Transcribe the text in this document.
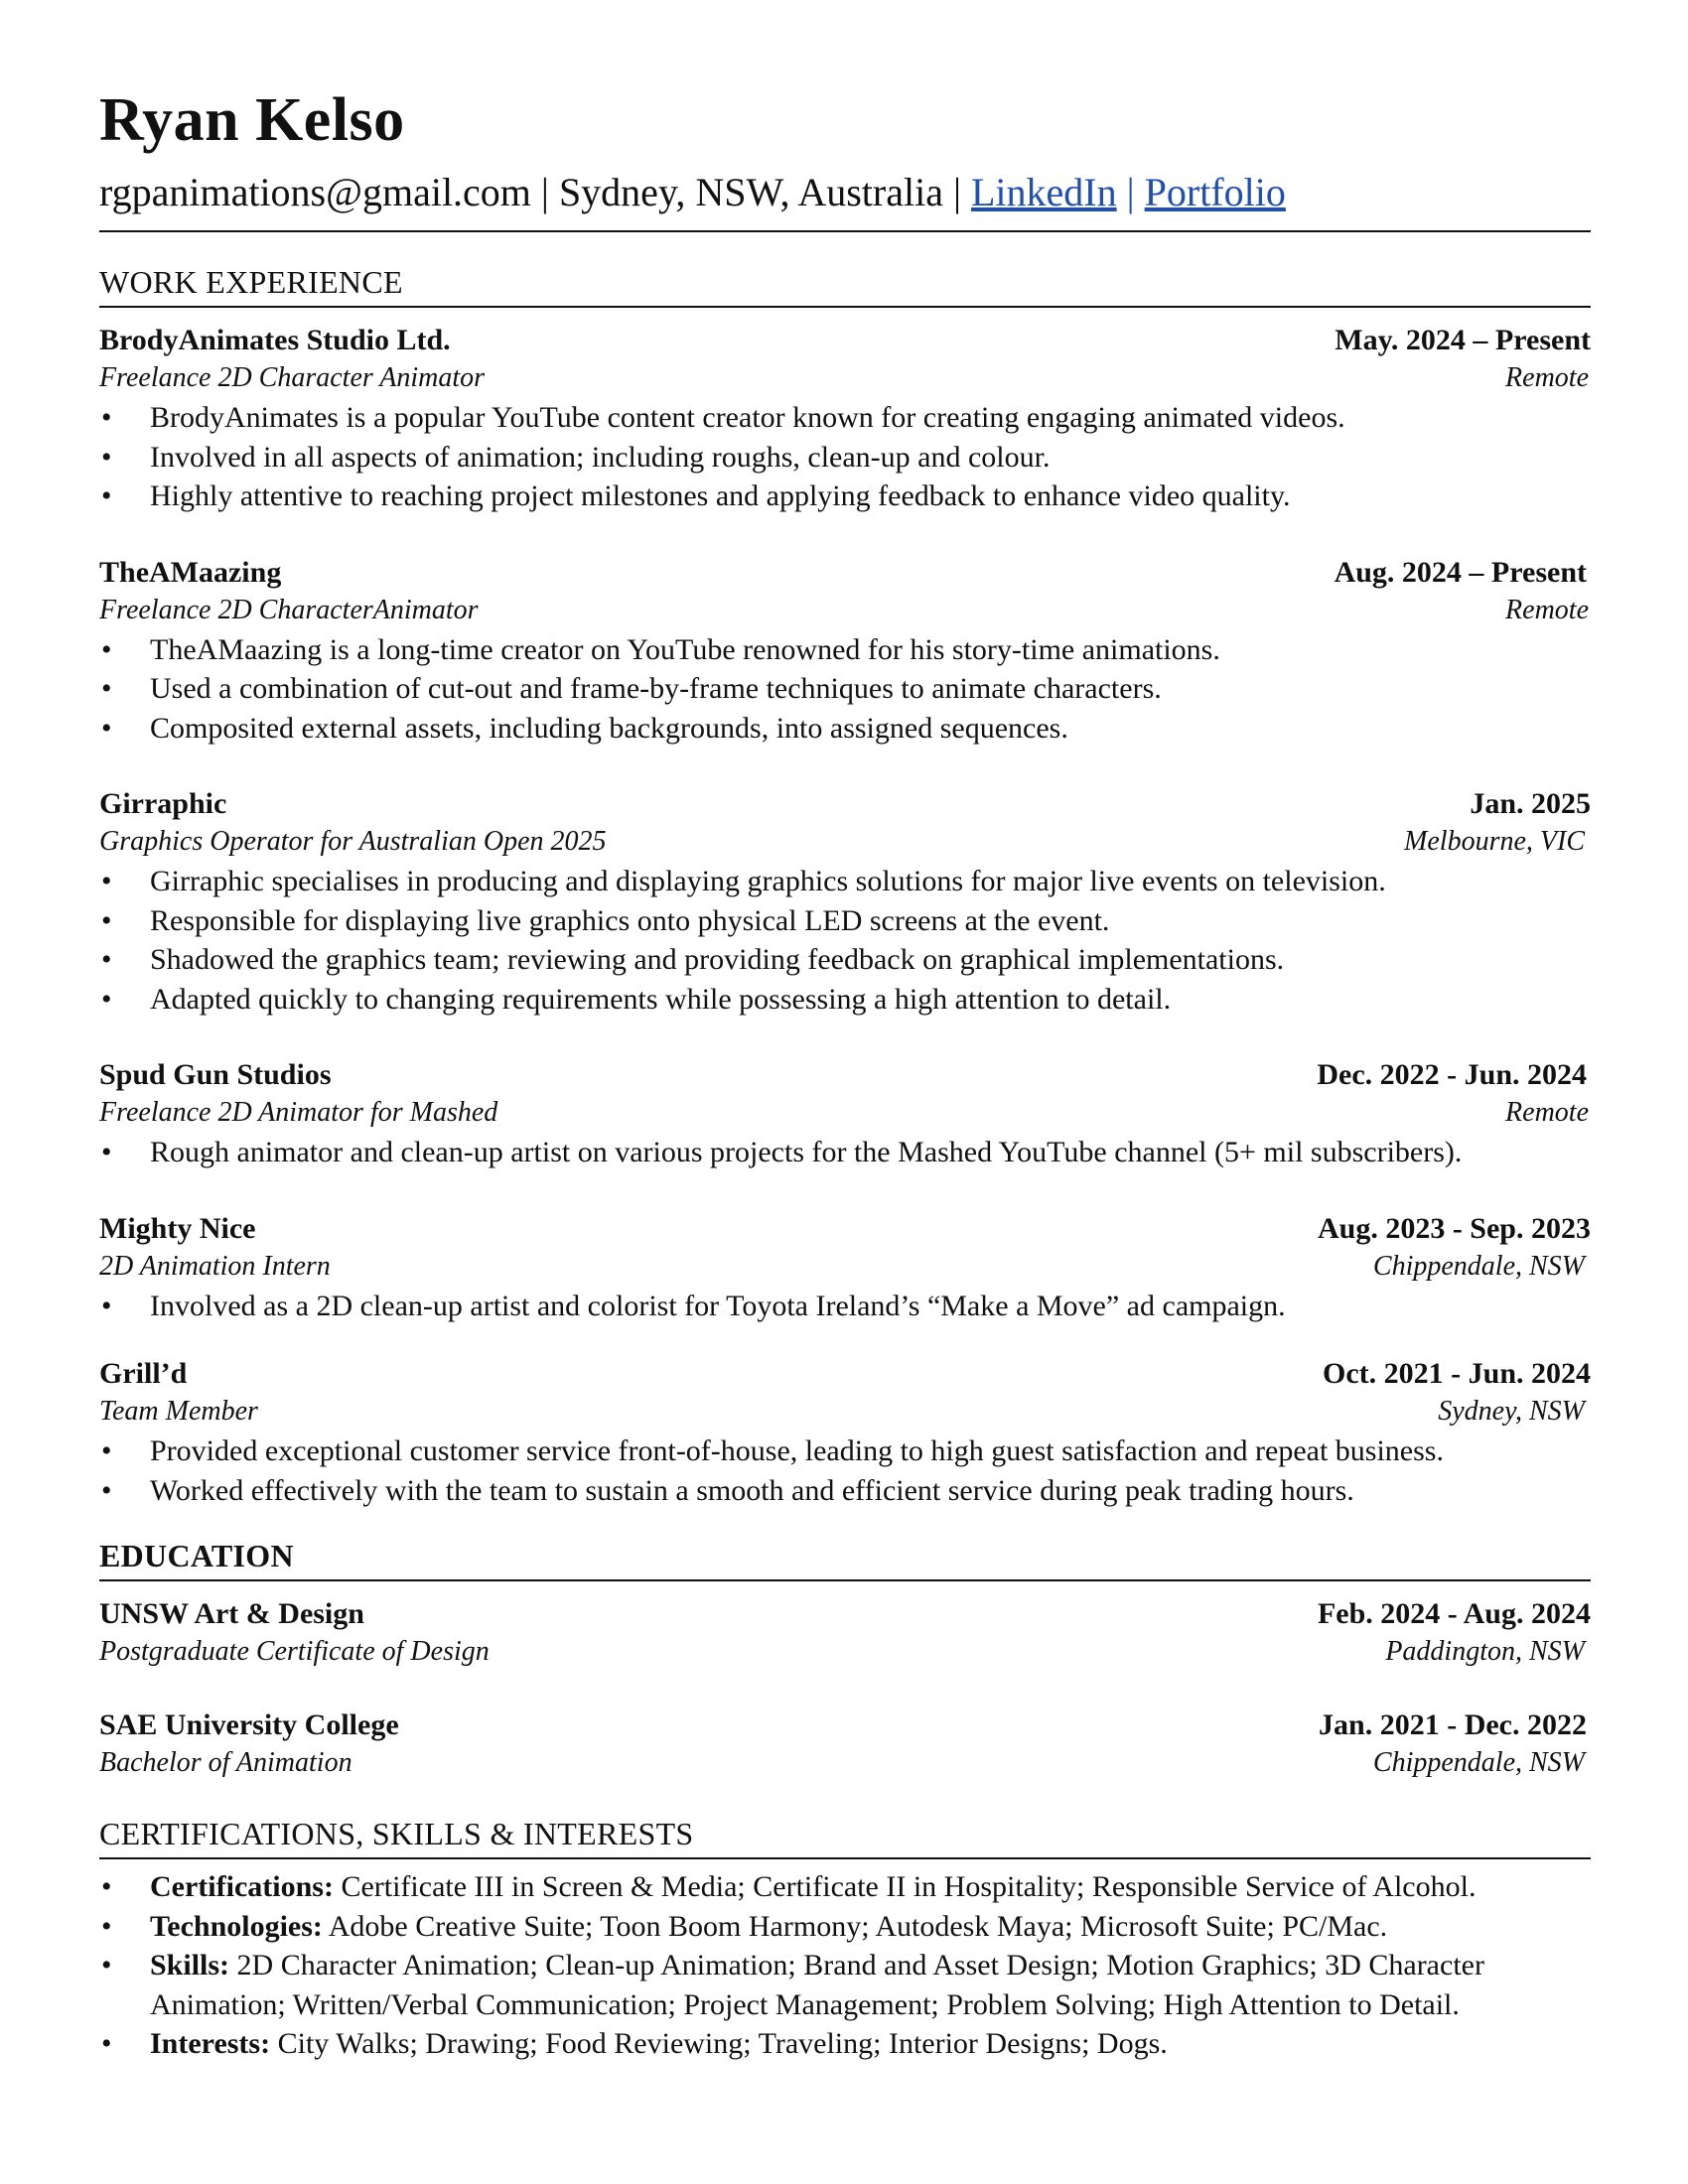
Ryan Kelso
rgpanimations@gmail.com | Sydney, NSW, Australia | LinkedIn | Portfolio
WORK EXPERIENCE
BrodyAnimates Studio Ltd.	May. 2024 – Present
Freelance 2D Character Animator	Remote
• BrodyAnimates is a popular YouTube content creator known for creating engaging animated videos.
• Involved in all aspects of animation; including roughs, clean-up and colour.
• Highly attentive to reaching project milestones and applying feedback to enhance video quality.
TheAMaazing	Aug. 2024 – Present
Freelance 2D CharacterAnimator	Remote
• TheAMaazing is a long-time creator on YouTube renowned for his story-time animations.
• Used a combination of cut-out and frame-by-frame techniques to animate characters.
• Composited external assets, including backgrounds, into assigned sequences.
Girraphic	Jan. 2025
Graphics Operator for Australian Open 2025	Melbourne, VIC
• Girraphic specialises in producing and displaying graphics solutions for major live events on television.
• Responsible for displaying live graphics onto physical LED screens at the event.
• Shadowed the graphics team; reviewing and providing feedback on graphical implementations.
• Adapted quickly to changing requirements while possessing a high attention to detail.
Spud Gun Studios	Dec. 2022 - Jun. 2024
Freelance 2D Animator for Mashed	Remote
• Rough animator and clean-up artist on various projects for the Mashed YouTube channel (5+ mil subscribers).
Mighty Nice	Aug. 2023 - Sep. 2023
2D Animation Intern	Chippendale, NSW
• Involved as a 2D clean-up artist and colorist for Toyota Ireland’s “Make a Move” ad campaign.
Grill’d	Oct. 2021 - Jun. 2024
Team Member	Sydney, NSW
• Provided exceptional customer service front-of-house, leading to high guest satisfaction and repeat business.
• Worked effectively with the team to sustain a smooth and efficient service during peak trading hours.
EDUCATION
UNSW Art & Design	Feb. 2024 - Aug. 2024
Postgraduate Certificate of Design	Paddington, NSW
SAE University College	Jan. 2021 - Dec. 2022
Bachelor of Animation	Chippendale, NSW
CERTIFICATIONS, SKILLS & INTERESTS
• Certifications: Certificate III in Screen & Media; Certificate II in Hospitality; Responsible Service of Alcohol.
• Technologies: Adobe Creative Suite; Toon Boom Harmony; Autodesk Maya; Microsoft Suite; PC/Mac.
• Skills: 2D Character Animation; Clean-up Animation; Brand and Asset Design; Motion Graphics; 3D Character Animation; Written/Verbal Communication; Project Management; Problem Solving; High Attention to Detail.
• Interests: City Walks; Drawing; Food Reviewing; Traveling; Interior Designs; Dogs.
